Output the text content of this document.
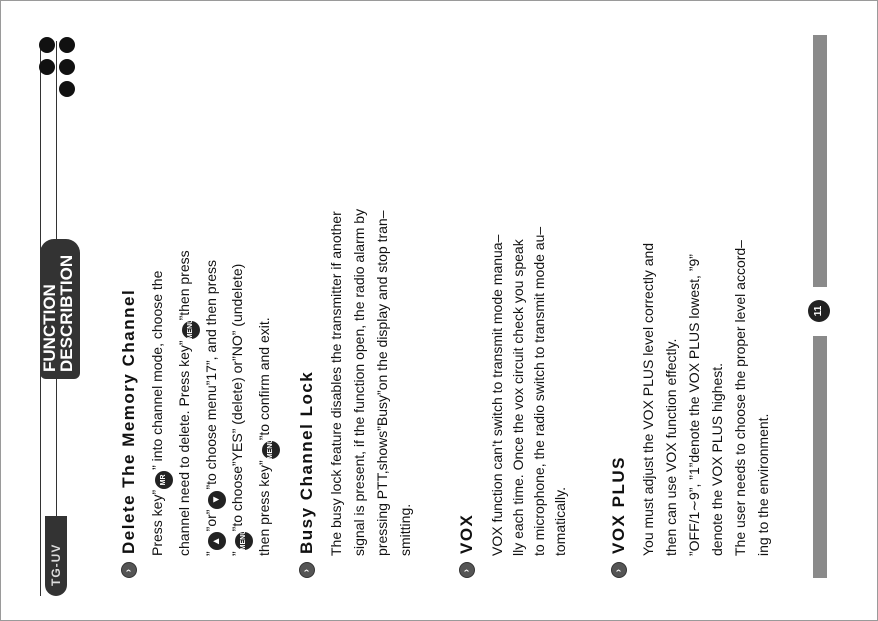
TG-UV
FUNCTION
DESCRIBTION
›
Delete The Memory Channel Press key”MR” into channel mode, choose the channel need to delete. Press key”MENU”then press
”▲”or”▼”to choose menu”17”, and then press
”MENU”to choose”YES” (delete) or”NO” (undelete) then press key”MENU”to confirm and exit.
›
Busy Channel Lock The busy lock feature disables the transmitter if another signal is present, if the function open, the radio alarm by pressing PTT,shows”Busy”on the display and stop tran– smitting.
›
VOX VOX function can’t switch to transmit mode manua– lly each time. Once the vox circuit check you speak to microphone, the radio switch to transmit mode au– tomatically.
›
VOX PLUS You must adjust the VOX PLUS level correctly and then can use VOX function effectly. ”OFF/1∼9”, ”1”denote the VOX PLUS lowest, ”9” denote the VOX PLUS highest. The user needs to choose the proper level accord– ing to the environment.
11
